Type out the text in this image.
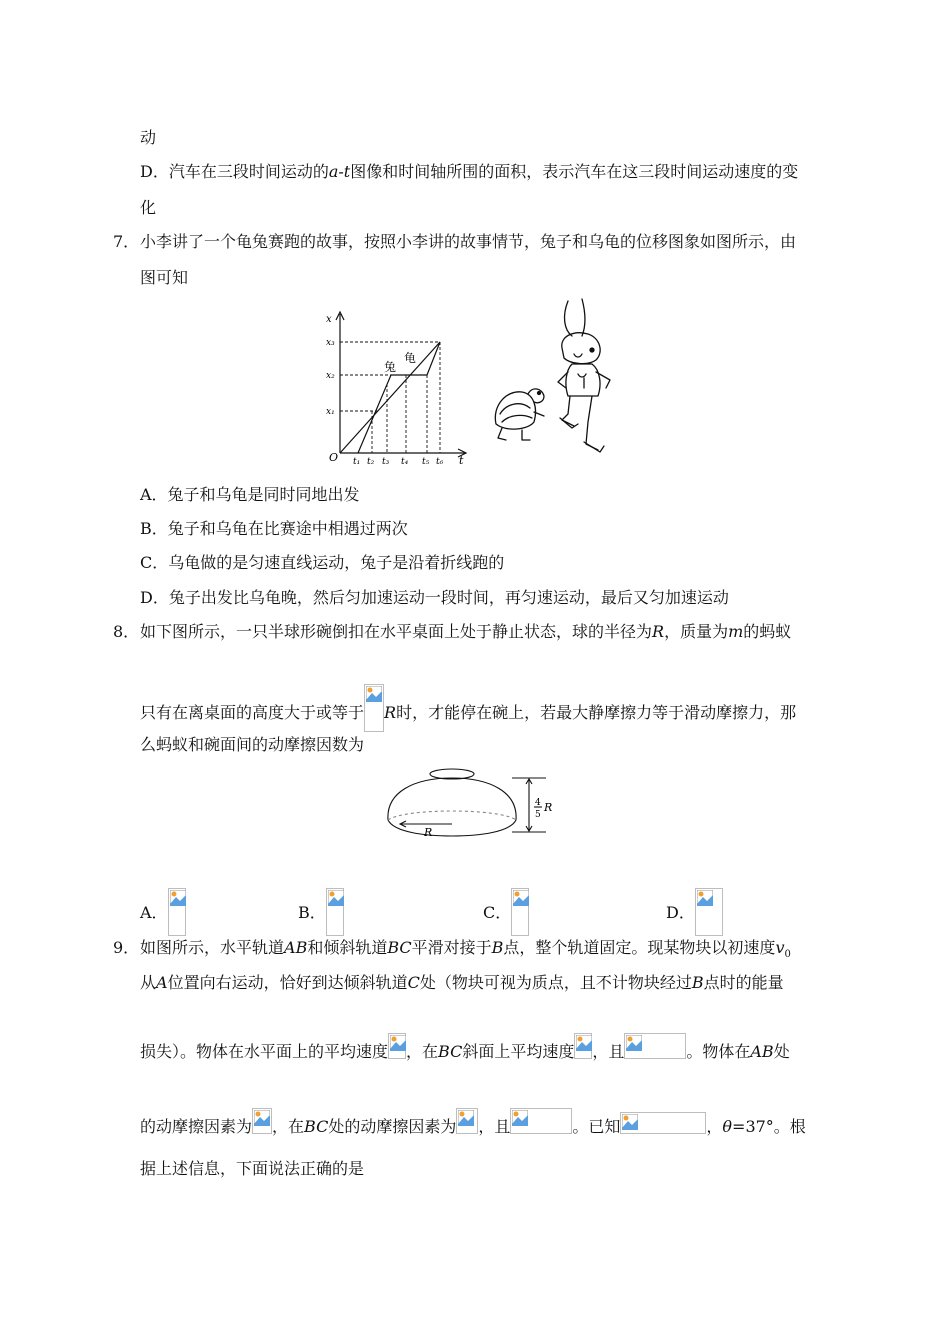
动
D．汽车在三段时间运动的a-t图像和时间轴所围的面积，表示汽车在这三段时间运动速度的变
化
7． 小李讲了一个龟兔赛跑的故事，按照小李讲的故事情节，兔子和乌龟的位移图象如图所示，由
图可知
x
t
O
x₁
x₂
x₃
t₁ t₂ t₃ t₄ t₅ t₆
兔
龟
A．兔子和乌龟是同时同地出发
B．兔子和乌龟在比赛途中相遇过两次
C．乌龟做的是匀速直线运动，兔子是沿着折线跑的
D．兔子出发比乌龟晚，然后匀加速运动一段时间，再匀速运动，最后又匀加速运动
8． 如下图所示，一只半球形碗倒扣在水平桌面上处于静止状态，球的半径为R，质量为m的蚂蚁
只有在离桌面的高度大于或等于 R时，才能停在碗上，若最大静摩擦力等于滑动摩擦力，那
么蚂蚁和碗面间的动摩擦因数为
4
5
R
R
A．	B．	C．	D．
9． 如图所示，水平轨道AB和倾斜轨道BC平滑对接于B点，整个轨道固定。现某物块以初速度$v_0$
从A位置向右运动，恰好到达倾斜轨道C处（物块可视为质点，且不计物块经过B点时的能量
损失）。物体在水平面上的平均速度 ，在BC斜面上平均速度 ，且	。物体在AB处
的动摩擦因素为 ，在BC处的动摩擦因素为 ，且	。已知	，θ=37°。根
据上述信息，下面说法正确的是
